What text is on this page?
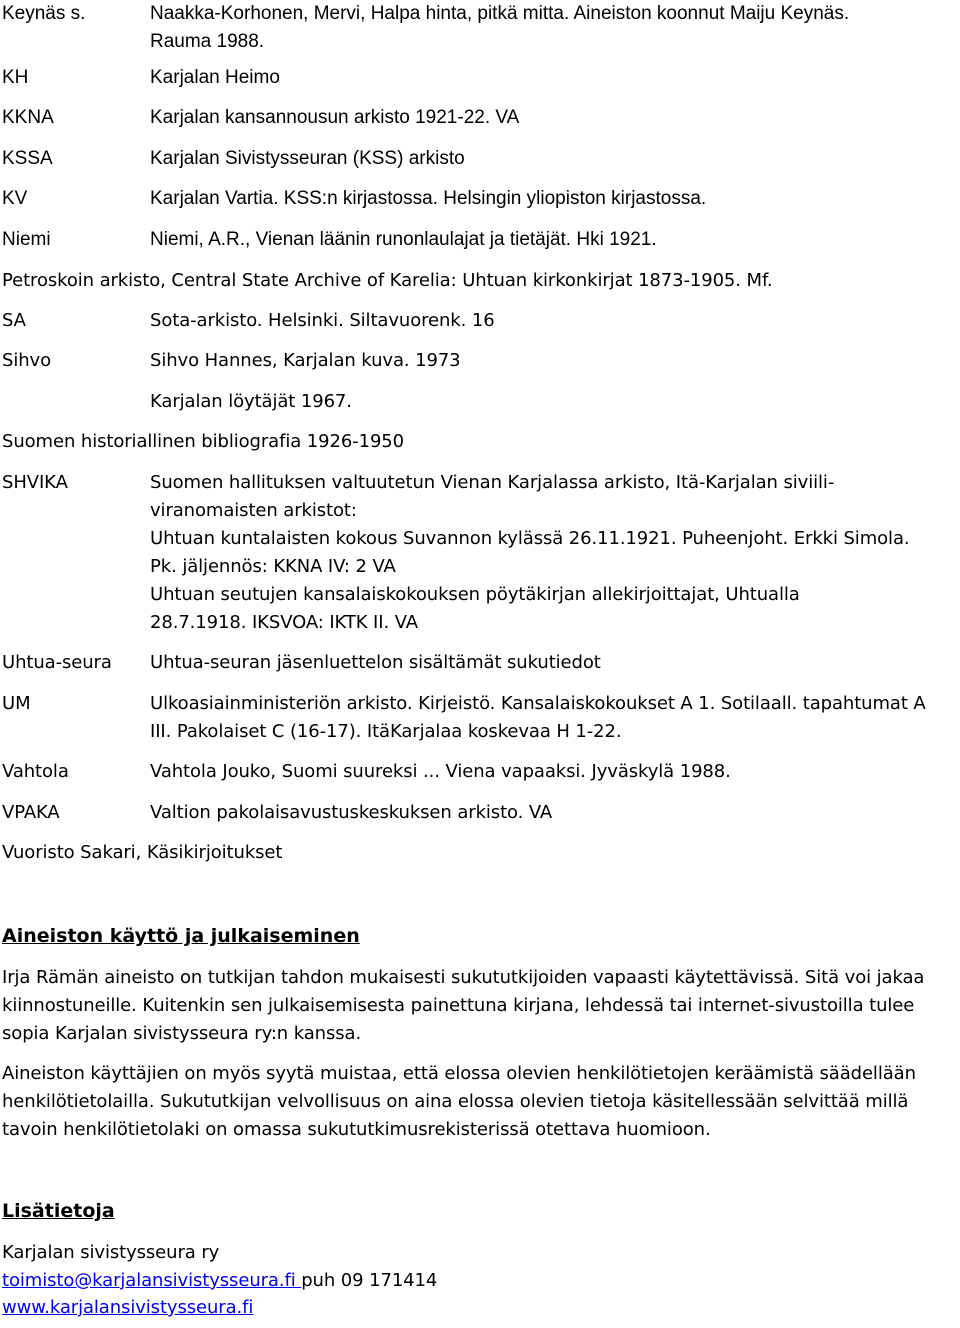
Keynäs s.	Naakka-Korhonen, Mervi, Halpa hinta, pitkä mitta. Aineiston koonnut Maiju Keynäs.
Rauma 1988.
KH	Karjalan Heimo
KKNA	Karjalan kansannousun arkisto 1921-22. VA
KSSA	Karjalan Sivistysseuran (KSS) arkisto
KV	Karjalan Vartia. KSS:n kirjastossa. Helsingin yliopiston kirjastossa.
Niemi	Niemi, A.R., Vienan läänin runonlaulajat ja tietäjät. Hki 1921.
Petroskoin arkisto, Central State Archive of Karelia: Uhtuan kirkonkirjat 1873-1905. Mf.
SA	Sota-arkisto. Helsinki. Siltavuorenk. 16
Sihvo	Sihvo Hannes, Karjalan kuva. 1973
Karjalan löytäjät 1967.
Suomen historiallinen bibliografia 1926-1950
SHVIKA	Suomen hallituksen valtuutetun Vienan Karjalassa arkisto, Itä-Karjalan siviili-
viranomaisten arkistot:
Uhtuan kuntalaisten kokous Suvannon kylässä 26.11.1921. Puheenjoht. Erkki Simola.
Pk. jäljennös: KKNA IV: 2 VA
Uhtuan seutujen kansalaiskokouksen pöytäkirjan allekirjoittajat, Uhtualla
28.7.1918. IKSVOA: IKTK II. VA
Uhtua-seura Uhtua-seuran jäsenluettelon sisältämät sukutiedot
UM	Ulkoasiainministeriön arkisto. Kirjeistö. Kansalaiskokoukset A 1. Sotilaall. tapahtumat A
III. Pakolaiset C (16-17). ItäKarjalaa koskevaa H 1-22.
Vahtola	Vahtola Jouko, Suomi suureksi ... Viena vapaaksi. Jyväskylä 1988.
VPAKA	Valtion pakolaisavustuskeskuksen arkisto. VA
Vuoristo Sakari, Käsikirjoitukset
Aineiston käyttö ja julkaiseminen
Irja Rämän aineisto on tutkijan tahdon mukaisesti sukututkijoiden vapaasti käytettävissä. Sitä voi jakaa
kiinnostuneille. Kuitenkin sen julkaisemisesta painettuna kirjana, lehdessä tai internet-sivustoilla tulee
sopia Karjalan sivistysseura ry:n kanssa.
Aineiston käyttäjien on myös syytä muistaa, että elossa olevien henkilötietojen keräämistä säädellään
henkilötietolailla. Sukututkijan velvollisuus on aina elossa olevien tietoja käsitellessään selvittää millä
tavoin henkilötietolaki on omassa sukututkimusrekisterissä otettava huomioon.
Lisätietoja
Karjalan sivistysseura ry
toimisto@karjalansivistysseura.fi puh 09 171414
www.karjalansivistysseura.fi
